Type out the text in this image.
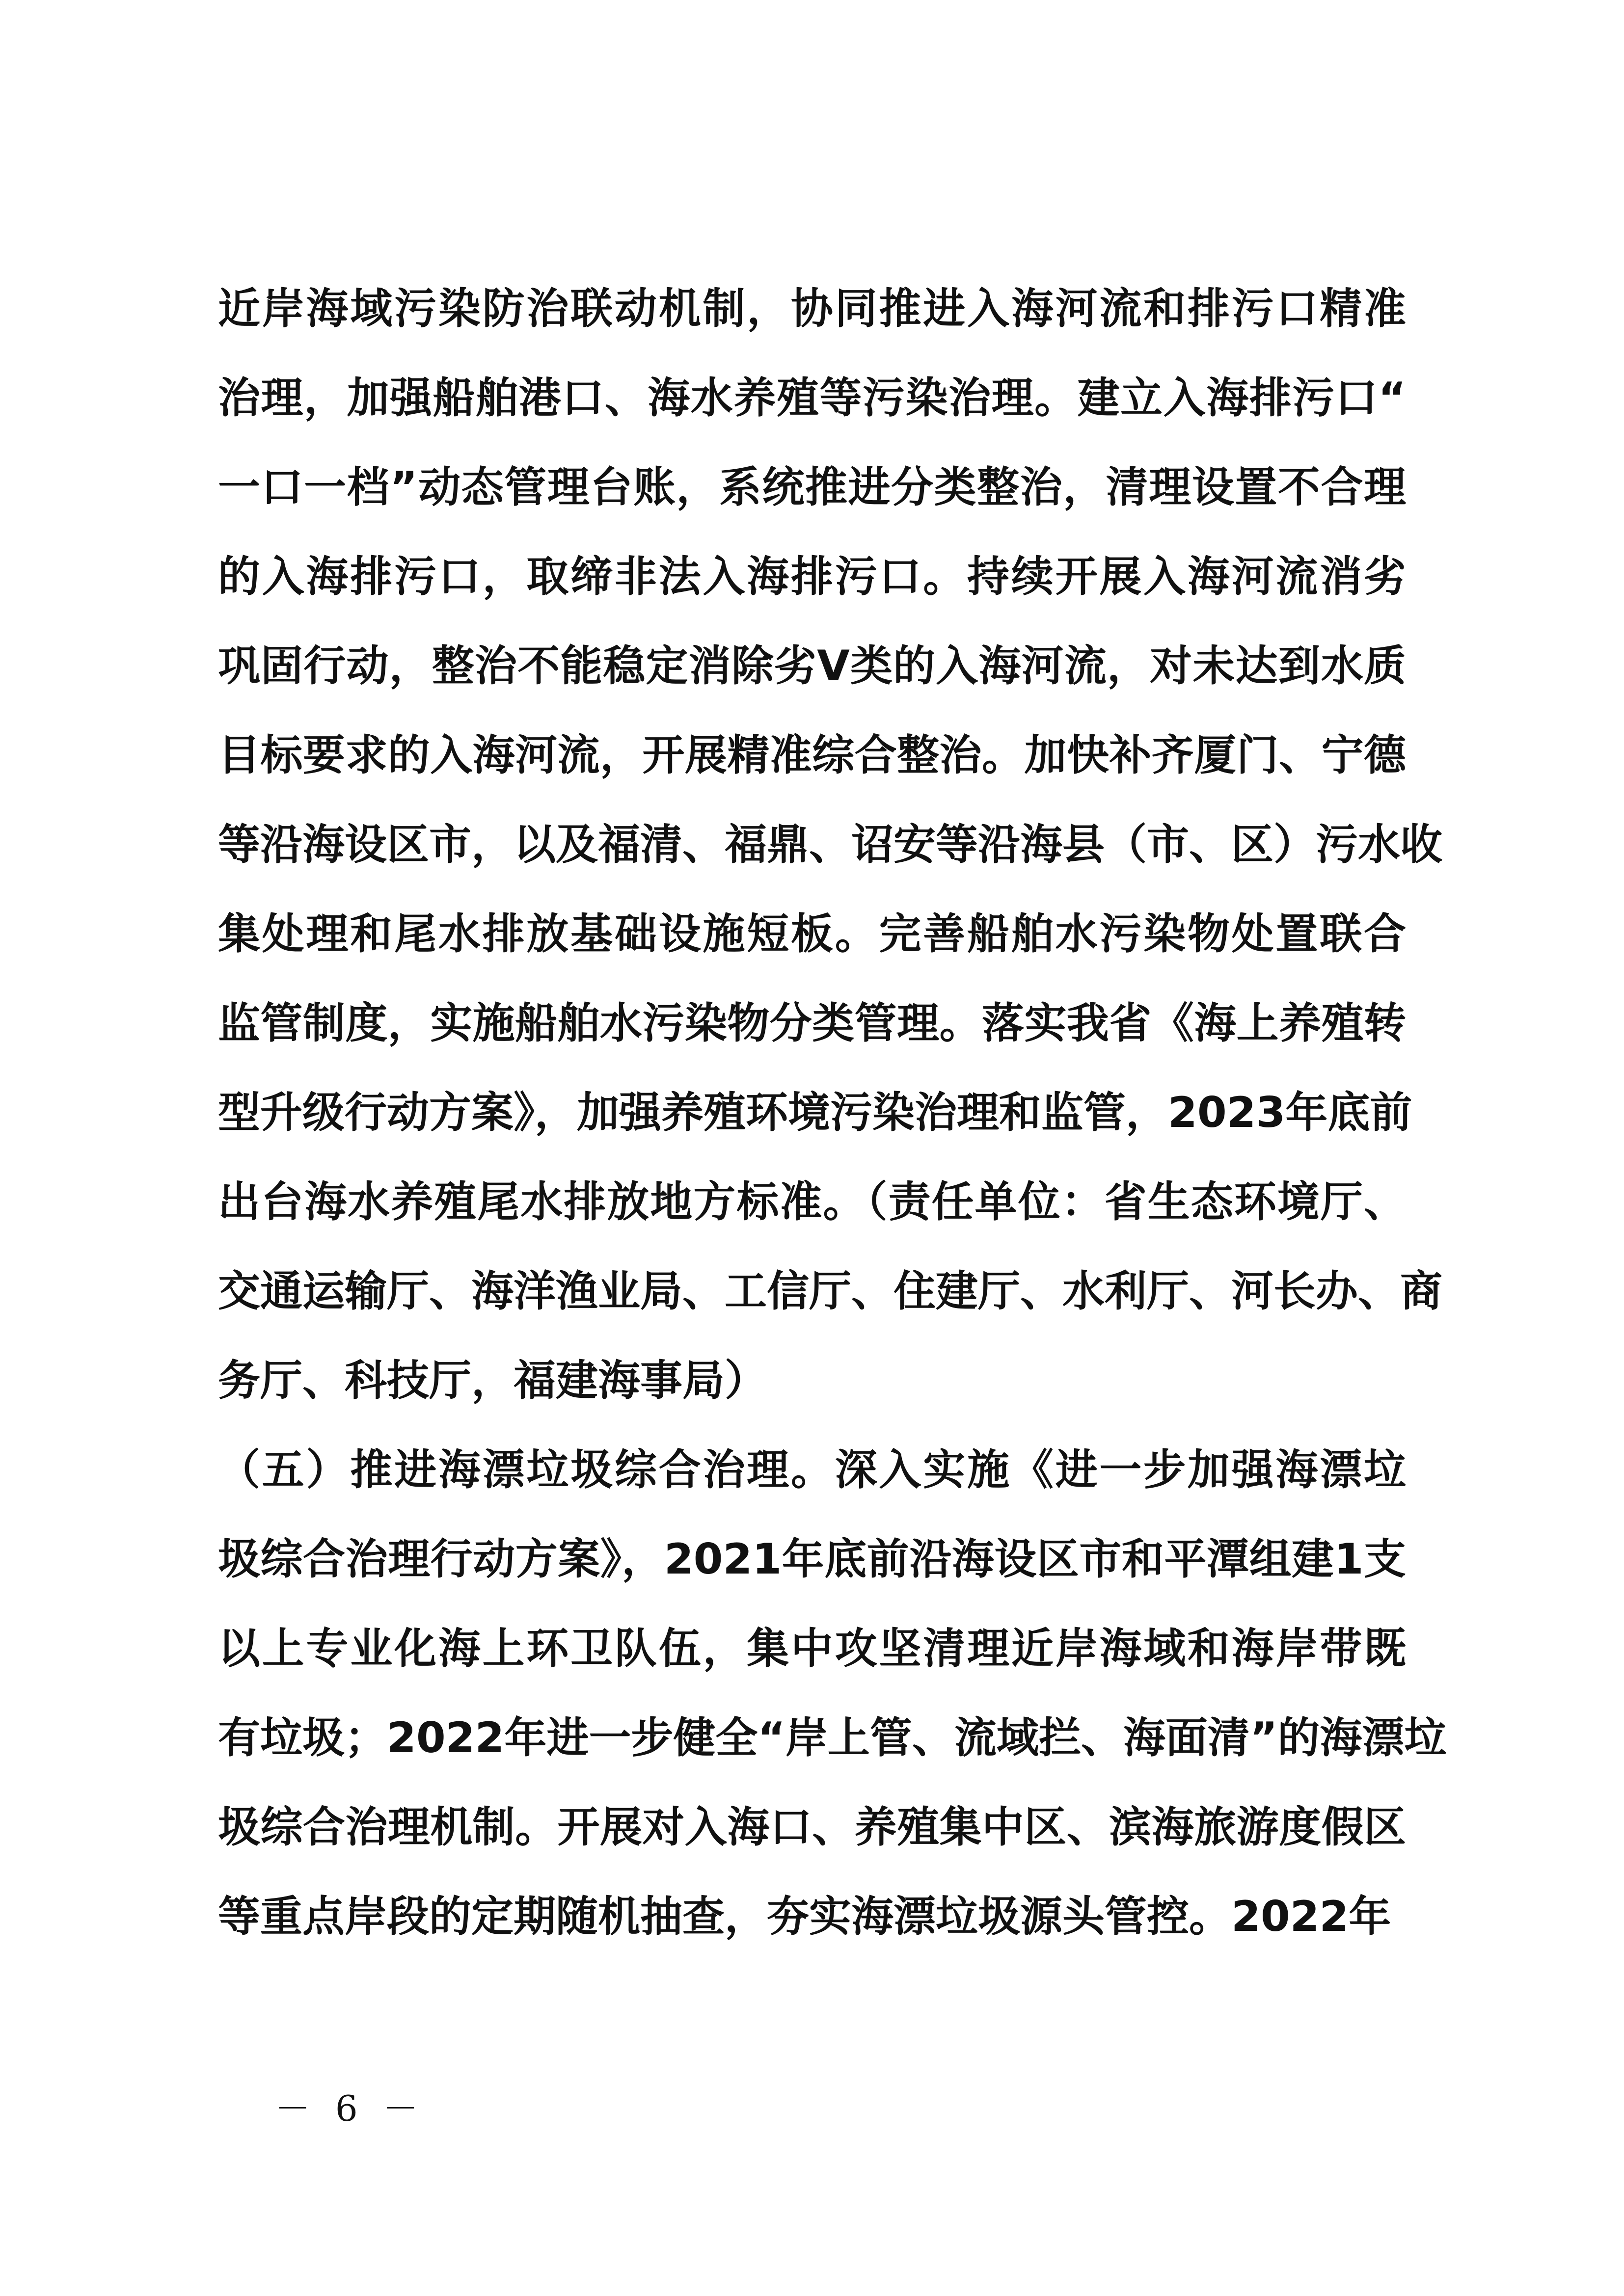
近岸海域污染防治联动机制，协同推进入海河流和排污口精准
治理，加强船舶港口、海水养殖等污染治理。建立入海排污口“
一口一档”动态管理台账，系统推进分类整治，清理设置不合理
的入海排污口，取缔非法入海排污口。持续开展入海河流消劣
巩固行动，整治不能稳定消除劣V类的入海河流，对未达到水质
目标要求的入海河流，开展精准综合整治。加快补齐厦门、宁德
等沿海设区市，以及福清、福鼎、诏安等沿海县（市、区）污水收
集处理和尾水排放基础设施短板。完善船舶水污染物处置联合
监管制度，实施船舶水污染物分类管理。落实我省《海上养殖转
型升级行动方案》，加强养殖环境污染治理和监管，2023年底前
出台海水养殖尾水排放地方标准。（责任单位：省生态环境厅、
交通运输厅、海洋渔业局、工信厅、住建厅、水利厅、河长办、商
务厅、科技厅，福建海事局）
（五）推进海漂垃圾综合治理。深入实施《进一步加强海漂垃
圾综合治理行动方案》，2021年底前沿海设区市和平潭组建1支
以上专业化海上环卫队伍，集中攻坚清理近岸海域和海岸带既
有垃圾；2022年进一步健全“岸上管、流域拦、海面清”的海漂垃
圾综合治理机制。开展对入海口、养殖集中区、滨海旅游度假区
等重点岸段的定期随机抽查，夯实海漂垃圾源头管控。2022年
－ 6 －
